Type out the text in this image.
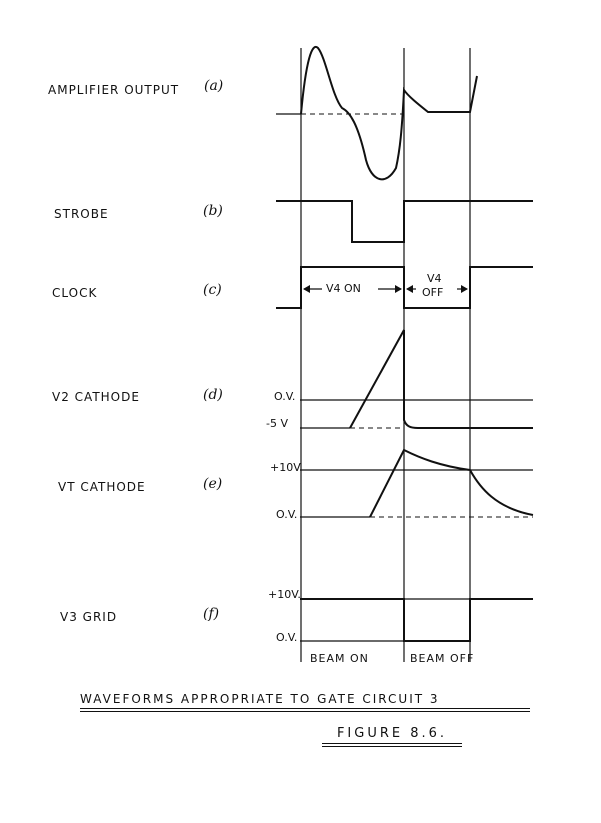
AMPLIFIER OUTPUT (a)
STROBE	(b)
CLOCK	(c)
V2 CATHODE	(d)
VT CATHODE	(e)
V3 GRID	(f)
V4 ON
V4
OFF
O.V.
-5 V
+10V
O.V.
+10V.
O.V.
BEAM ON	BEAM OFF
WAVEFORMS APPROPRIATE TO GATE CIRCUIT 3
FIGURE 8.6.
